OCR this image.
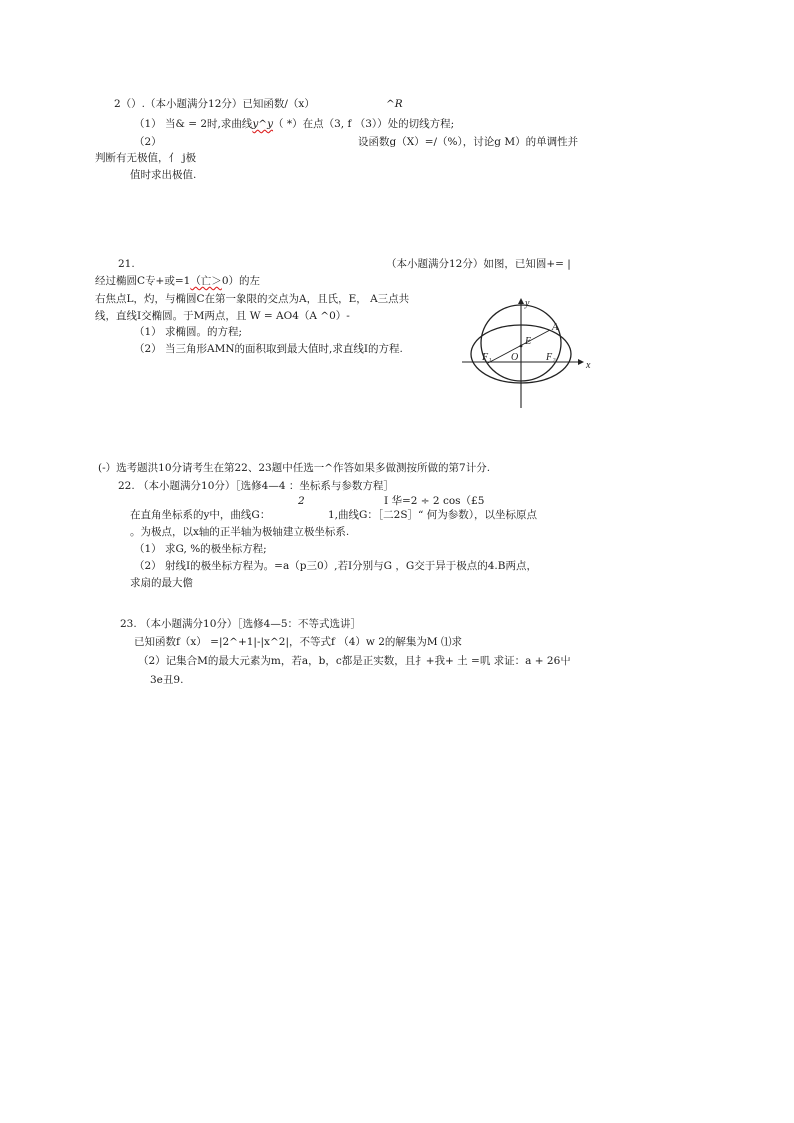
2（）.（本小题满分12分）已知函数/（x）	^R
（1） 当& = 2时,求曲线y^y（ *）在点（3, f （3））处的切线方程;
（2）	设函数g（X）=/（%），讨论g M）的单调性并
判断有无极值，亻 j极
值时求出极值.
21.	（本小题满分12分）如图，已知圆+= |
经过椭圆C专+或=1（亡＞0）的左
右焦点L，灼，与椭圆C在第一象限的交点为A，且氏，E， A三点共
线，直线I交椭圆。于M两点，且 W = AO4（A ^0）-
（1） 求椭圆。的方程;
（2） 当三角形AMN的面积取到最大值时,求直线I的方程.
y
x
A
E
O
F₁	F₂
(-）选考题洪10分请考生在第22、23题中任选一^作答如果多做测按所做的第7计分.
22. （本小题满分10分）［选修4—4 ：坐标系与参数方程］
2	I 华=2 ÷ 2 cos（£5
在直角坐标系的y中，曲线G：	1,曲线G：［二2S］“ 何为参数），以坐标原点
。为极点，以x轴的正半轴为极轴建立极坐标系.
（1） 求G, %的极坐标方程;
（2） 射线I的极坐标方程为。=a（p三0）,若I分别与G ，G交于异于极点的4.B两点，
求扇的最大儋
23. （本小题满分10分）［选修4—5：不等式选讲］
已知函数f（x） =|2^+1|-|x^2|，不等式f （4）w 2的解集为M ⑴求
（2）记集合M的最大元素为m，若a，b，c都是正实数，且扌+我+ 土 =叽 求证：a + 26屮
3e丑9.
